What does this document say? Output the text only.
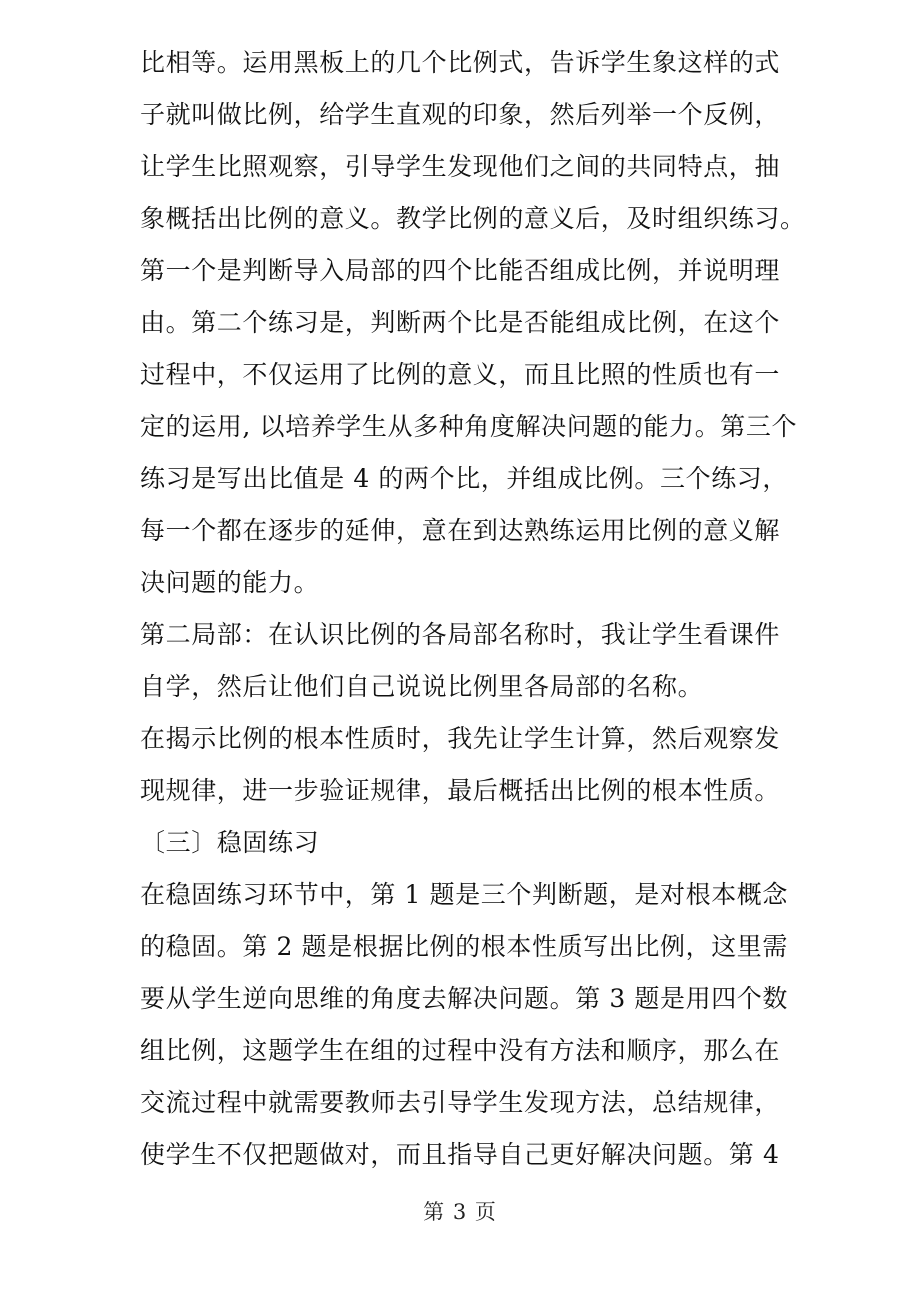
比相等。运用黑板上的几个比例式，告诉学生象这样的式
子就叫做比例，给学生直观的印象，然后列举一个反例，
让学生比照观察，引导学生发现他们之间的共同特点，抽
象概括出比例的意义。教学比例的意义后，及时组织练习。
第一个是判断导入局部的四个比能否组成比例，并说明理
由。第二个练习是，判断两个比是否能组成比例，在这个
过程中，不仅运用了比例的意义，而且比照的性质也有一
定的运用, 以培养学生从多种角度解决问题的能力。第三个
练习是写出比值是 4 的两个比，并组成比例。三个练习，
每一个都在逐步的延伸，意在到达熟练运用比例的意义解
决问题的能力。
第二局部：在认识比例的各局部名称时，我让学生看课件
自学，然后让他们自己说说比例里各局部的名称。
在揭示比例的根本性质时，我先让学生计算，然后观察发
现规律，进一步验证规律，最后概括出比例的根本性质。
〔三〕稳固练习
在稳固练习环节中，第 1 题是三个判断题，是对根本概念
的稳固。第 2 题是根据比例的根本性质写出比例，这里需
要从学生逆向思维的角度去解决问题。第 3 题是用四个数
组比例，这题学生在组的过程中没有方法和顺序，那么在
交流过程中就需要教师去引导学生发现方法，总结规律，
使学生不仅把题做对，而且指导自己更好解决问题。第 4
第 3 页
